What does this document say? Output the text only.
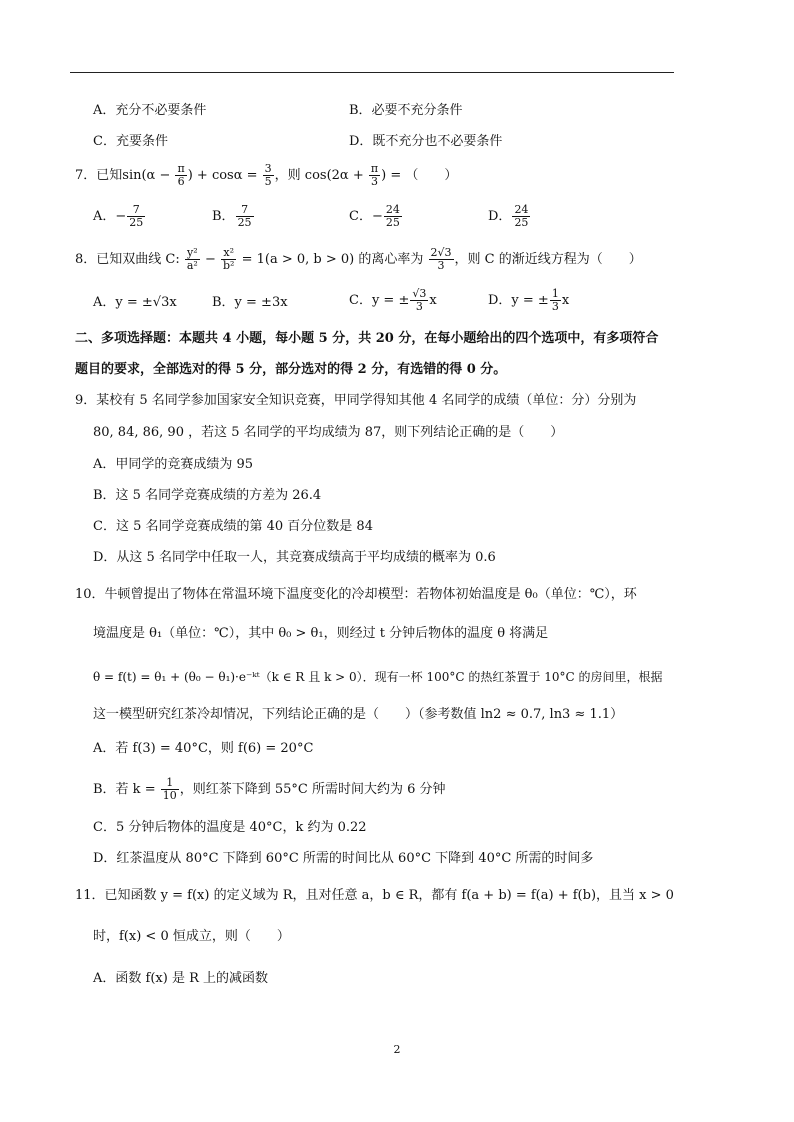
A．充分不必要条件	B．必要不充分条件
C．充要条件	D．既不充分也不必要条件
7．已知$\sin(\alpha - \frac{\pi}{6}$ ) + $\cos\alpha = \frac{3}{5}$ ，则 $\cos(2\alpha + \frac{\pi}{3}$ ) = （　　）
A．− $\frac{7}{25}$	B． $\frac{7}{25}$	C．− $\frac{24}{25}$	D． $\frac{24}{25}$
8．已知双曲线 C: $\frac{\text{y²}}{\text{a²}} - \frac{\text{x²}}{\text{b²}} = 1(a > 0$, b > 0) 的离心率为 $\frac{2√3}{3}$ ，则 C 的渐近线方程为（　　）
A．y = ±√3x	B．y = ±3x	C．y = ± $\frac{√3}{3}$ x	D．y = ± $\frac{1}{3}$ x
二、多项选择题：本题共 4 小题，每小题 5 分，共 20 分，在每小题给出的四个选项中，有多项符合
题目的要求，全部选对的得 5 分，部分选对的得 2 分，有选错的得 0 分。
9．某校有 5 名同学参加国家安全知识竞赛，甲同学得知其他 4 名同学的成绩（单位：分）分别为
80, 84, 86, 90 ，若这 5 名同学的平均成绩为 87，则下列结论正确的是（　　）
A．甲同学的竞赛成绩为 95
B．这 5 名同学竞赛成绩的方差为 26.4
C．这 5 名同学竞赛成绩的第 40 百分位数是 84
D．从这 5 名同学中任取一人，其竞赛成绩高于平均成绩的概率为 0.6
10．牛顿曾提出了物体在常温环境下温度变化的冷却模型：若物体初始温度是 θ₀（单位：℃），环
境温度是 θ₁（单位：℃），其中 θ₀ > θ₁，则经过 t 分钟后物体的温度 θ 将满足
θ = f(t) = θ₁ + (θ₀ − θ₁)·e⁻ᵏᵗ（k ∈ R 且 k > 0）．现有一杯 100°C 的热红茶置于 10°C 的房间里，根据
这一模型研究红茶冷却情况，下列结论正确的是（　　）（参考数值 ln2 ≈ 0.7, ln3 ≈ 1.1）
A．若 f(3) = 40°C，则 f(6) = 20°C
B．若 $k = \frac{1}{10}$ ，则红茶下降到 55°C 所需时间大约为 6 分钟
C．5 分钟后物体的温度是 40°C，k 约为 0.22
D．红茶温度从 80°C 下降到 60°C 所需的时间比从 60°C 下降到 40°C 所需的时间多
11．已知函数 y = f(x) 的定义域为 R，且对任意 a，b ∈ R，都有 f(a + b) = f(a) + f(b)，且当 x > 0
时，f(x) < 0 恒成立，则（　　）
A．函数 f(x) 是 R 上的减函数
2
